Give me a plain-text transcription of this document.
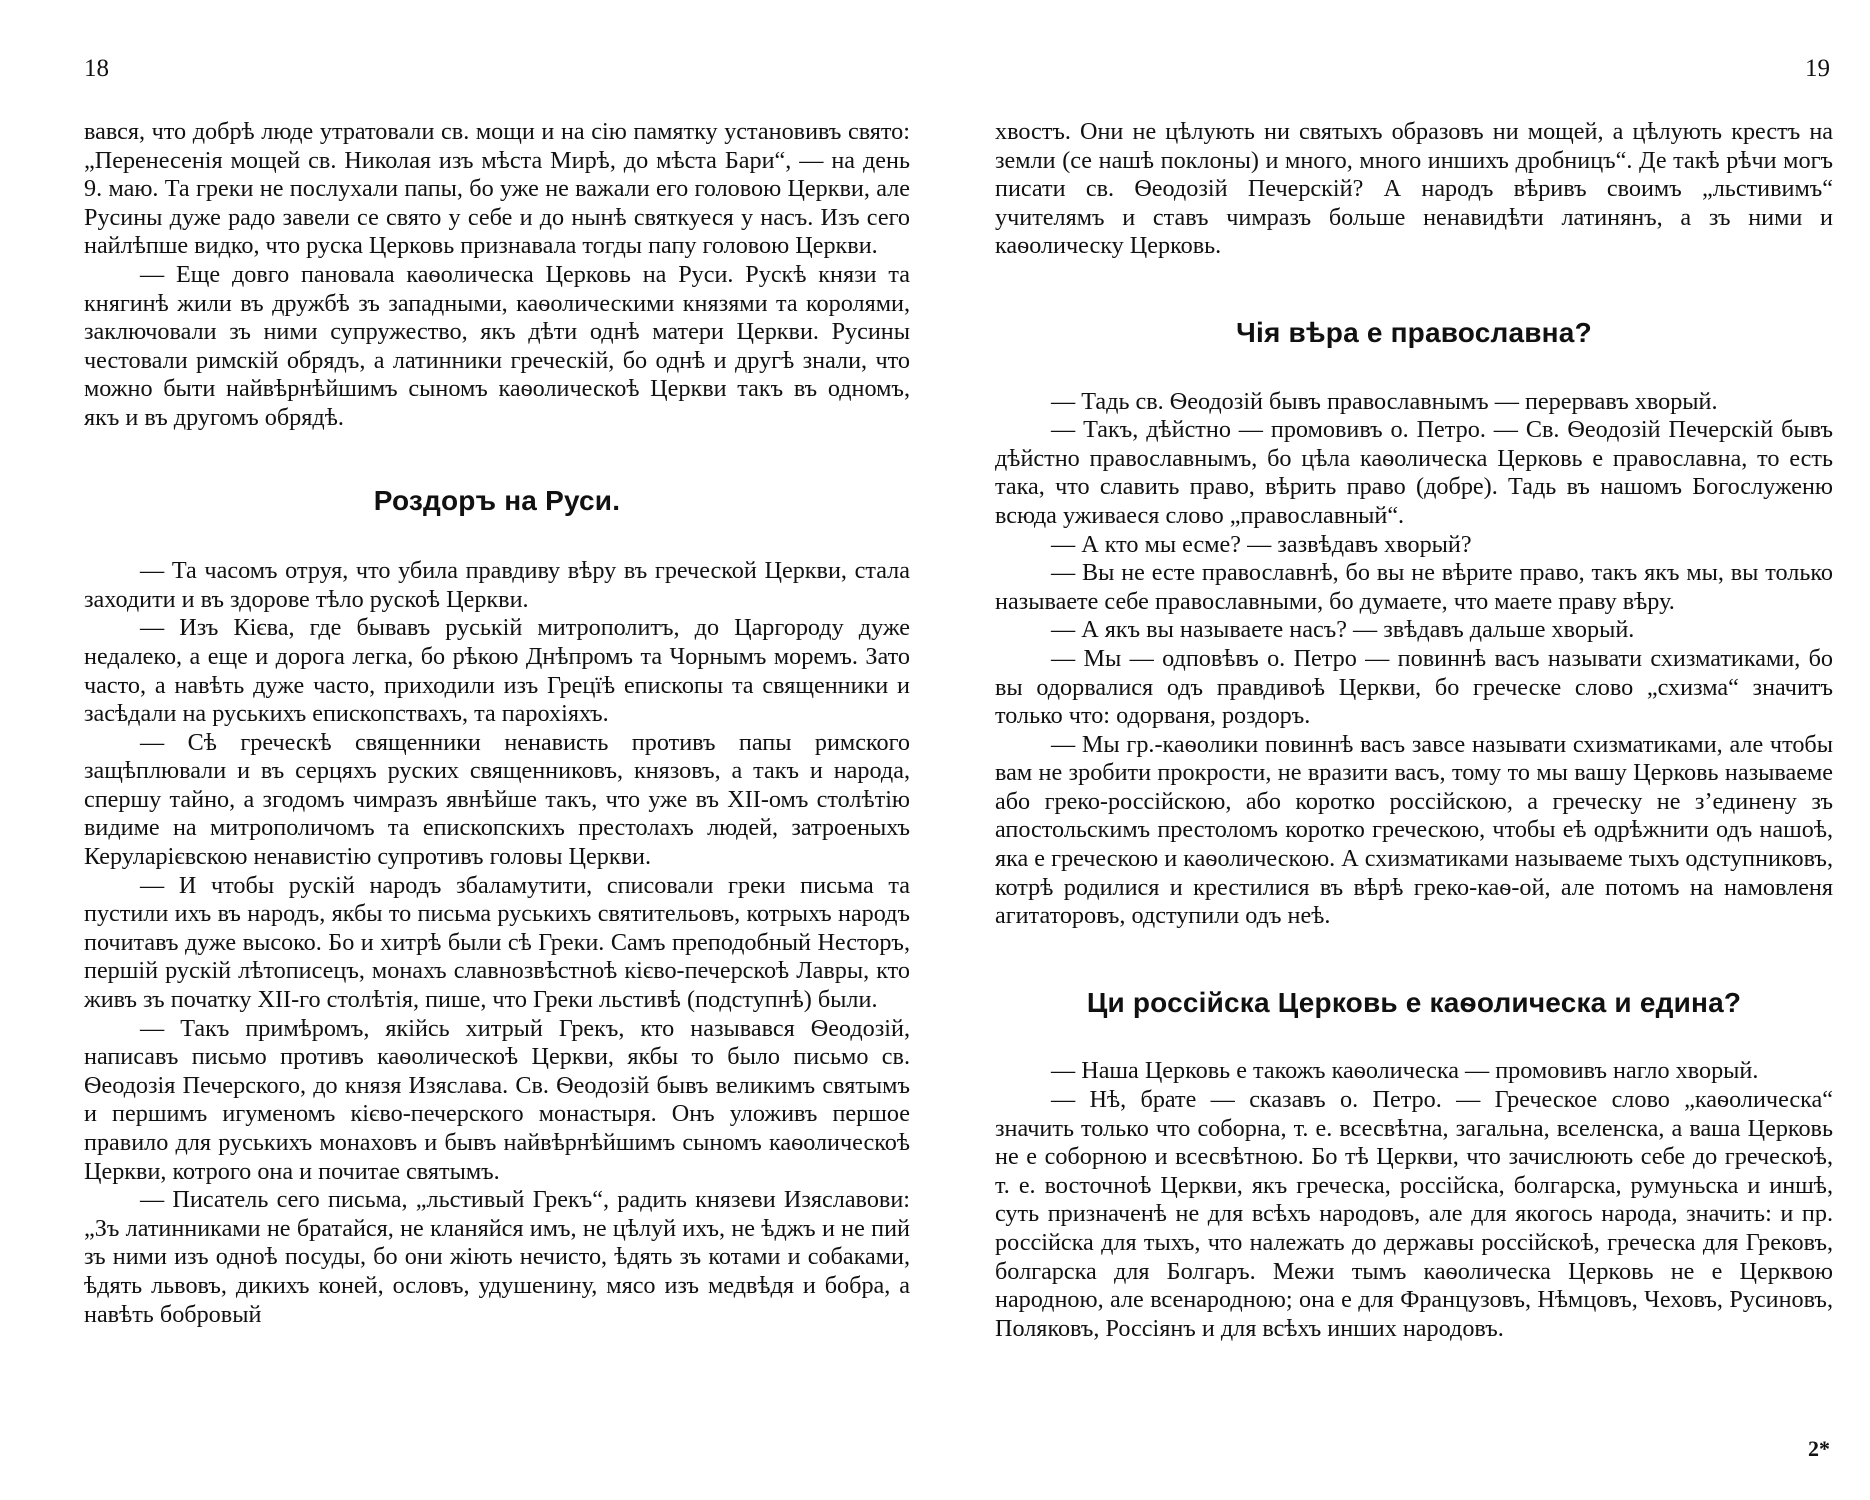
18

вався, что добрѣ люде утратовали св. мощи и на сію памятку установивъ свято: „Перенесенія мощей св. Николая изъ мѣста Мирѣ, до мѣста Бари“, — на день 9. маю. Та греки не послухали папы, бо уже не важали его головою Церкви, але Русины дуже радо завели се свято у себе и до нынѣ святкуеся у насъ. Изъ сего найлѣпше видко, что руска Церковь признавала тогды папу головою Церкви.

— Еще довго пановала каѳолическа Церковь на Руси. Рускѣ князи та княгинѣ жили въ дружбѣ зъ западными, каѳолическими князями та королями, заключовали зъ ними супружество, якъ дѣти однѣ матери Церкви. Русины честовали римскій обрядъ, а латинники греческій, бо однѣ и другѣ знали, что можно быти найвѣрнѣйшимъ сыномъ каѳолическоѣ Церкви такъ въ одномъ, якъ и въ другомъ обрядѣ.

Роздоръ на Руси.

— Та часомъ отруя, что убила правдиву вѣру въ греческой Церкви, стала заходити и въ здорове тѣло рускоѣ Церкви.

— Изъ Кієва, где бывавъ руській митрополитъ, до Царгороду дуже недалеко, а еще и дорога легка, бо рѣкою Днѣпромъ та Чорнымъ моремъ. Зато часто, а навѣть дуже часто, приходили изъ Грецїѣ епископы та священники и засѣдали на руськихъ епископствахъ, та парохіяхъ.

— Сѣ греческѣ священники ненависть противъ папы римского защѣплювали и въ серцяхъ руских священниковъ, князовъ, а такъ и народа, спершу тайно, а згодомъ чимразъ явнѣйше такъ, что уже въ XII-омъ столѣтію видиме на митрополичомъ та епископскихъ престолахъ людей, затроеныхъ Керуларієвскою ненавистію супротивъ головы Церкви.

— И чтобы рускій народъ збаламутити, списовали греки письма та пустили ихъ въ народъ, якбы то письма руськихъ святительовъ, котрыхъ народъ почитавъ дуже высоко. Бо и хитрѣ были сѣ Греки. Самъ преподобный Несторъ, першій рускій лѣтописецъ, монахъ славнозвѣстноѣ кієво-печерскоѣ Лавры, кто живъ зъ початку XII-го столѣтія, пише, что Греки льстивѣ (подступнѣ) были.

— Такъ примѣромъ, якійсь хитрый Грекъ, кто назывався Ѳеодозій, написавъ письмо противъ каѳолическоѣ Церкви, якбы то было письмо св. Ѳеодозія Печерского, до князя Изяслава. Св. Ѳеодозій бывъ великимъ святымъ и першимъ игуменомъ кієво-печерского монастыря. Онъ уложивъ першое правило для руськихъ монаховъ и бывъ найвѣрнѣйшимъ сыномъ каѳолическоѣ Церкви, котрого она и почитае святымъ.

— Писатель сего письма, „льстивый Грекъ“, радить князеви Изяславови: „Зъ латинниками не братайся, не кланяйся имъ, не цѣлуй ихъ, не ѣджъ и не пий зъ ними изъ одноѣ посуды, бо они жіють нечисто, ѣдять зъ котами и собаками, ѣдять львовъ, дикихъ коней, ословъ, удушенину, мясо изъ медвѣдя и бобра, а навѣть бобровый

19

хвостъ. Они не цѣлують ни святыхъ образовъ ни мощей, а цѣлують крестъ на земли (се нашѣ поклоны) и много, много иншихъ дробницъ“. Де такѣ рѣчи могъ писати св. Ѳеодозій Печерскій? А народъ вѣривъ своимъ „льстивимъ“ учителямъ и ставъ чимразъ больше ненавидѣти латинянъ, а зъ ними и каѳолическу Церковь.

Чія вѣра е православна?

— Тадь св. Ѳеодозій бывъ православнымъ — перервавъ хворый.

— Такъ, дѣйстно — промовивъ о. Петро. — Св. Ѳеодозій Печерскій бывъ дѣйстно православнымъ, бо цѣла каѳолическа Церковь е православна, то есть така, что славить право, вѣрить право (добре). Тадь въ нашомъ Богослуженю всюда уживаеся слово „православный“.

— А кто мы есме? — зазвѣдавъ хворый?

— Вы не есте православнѣ, бо вы не вѣрите право, такъ якъ мы, вы только называете себе православными, бо думаете, что маете праву вѣру.

— А якъ вы называете насъ? — звѣдавъ дальше хворый.

— Мы — одповѣвъ о. Петро — повиннѣ васъ называти схизматиками, бо вы одорвалися одъ правдивоѣ Церкви, бо греческе слово „схизма“ значитъ только что: одорваня, роздоръ.

— Мы гр.-каѳолики повиннѣ васъ завсе называти схизматиками, але чтобы вам не зробити прокрости, не вразити васъ, тому то мы вашу Церковь называеме або греко-россійскою, або коротко россійскою, а греческу не з’единену зъ апостольскимъ престоломъ коротко греческою, чтобы еѣ одрѣжнити одъ нашоѣ, яка е греческою и каѳолическою. А схизматиками называеме тыхъ одступниковъ, котрѣ родилися и крестилися въ вѣрѣ греко-каѳ-ой, але потомъ на намовленя агитаторовъ, одступили одъ неѣ.

Ци россійска Церковь е каѳолическа и едина?

— Наша Церковь е такожъ каѳолическа — промовивъ нагло хворый.

— Нѣ, брате — сказавъ о. Петро. — Греческое слово „каѳолическа“ значить только что соборна, т. е. всесвѣтна, загальна, вселенска, а ваша Церковь не е соборною и всесвѣтною. Бо тѣ Церкви, что зачислюють себе до греческоѣ, т. е. восточноѣ Церкви, якъ греческа, россійска, болгарска, румуньска и иншѣ, суть призначенѣ не для всѣхъ народовъ, але для якогось народа, значить: и пр. россійска для тыхъ, что належать до державы россійскоѣ, греческа для Грековъ, болгарска для Болгаръ. Межи тымъ каѳолическа Церковь не е Церквою народною, але всенародною; она е для Французовъ, Нѣмцовъ, Чеховъ, Русиновъ, Поляковъ, Россіянъ и для всѣхъ инших народовъ.

2*
